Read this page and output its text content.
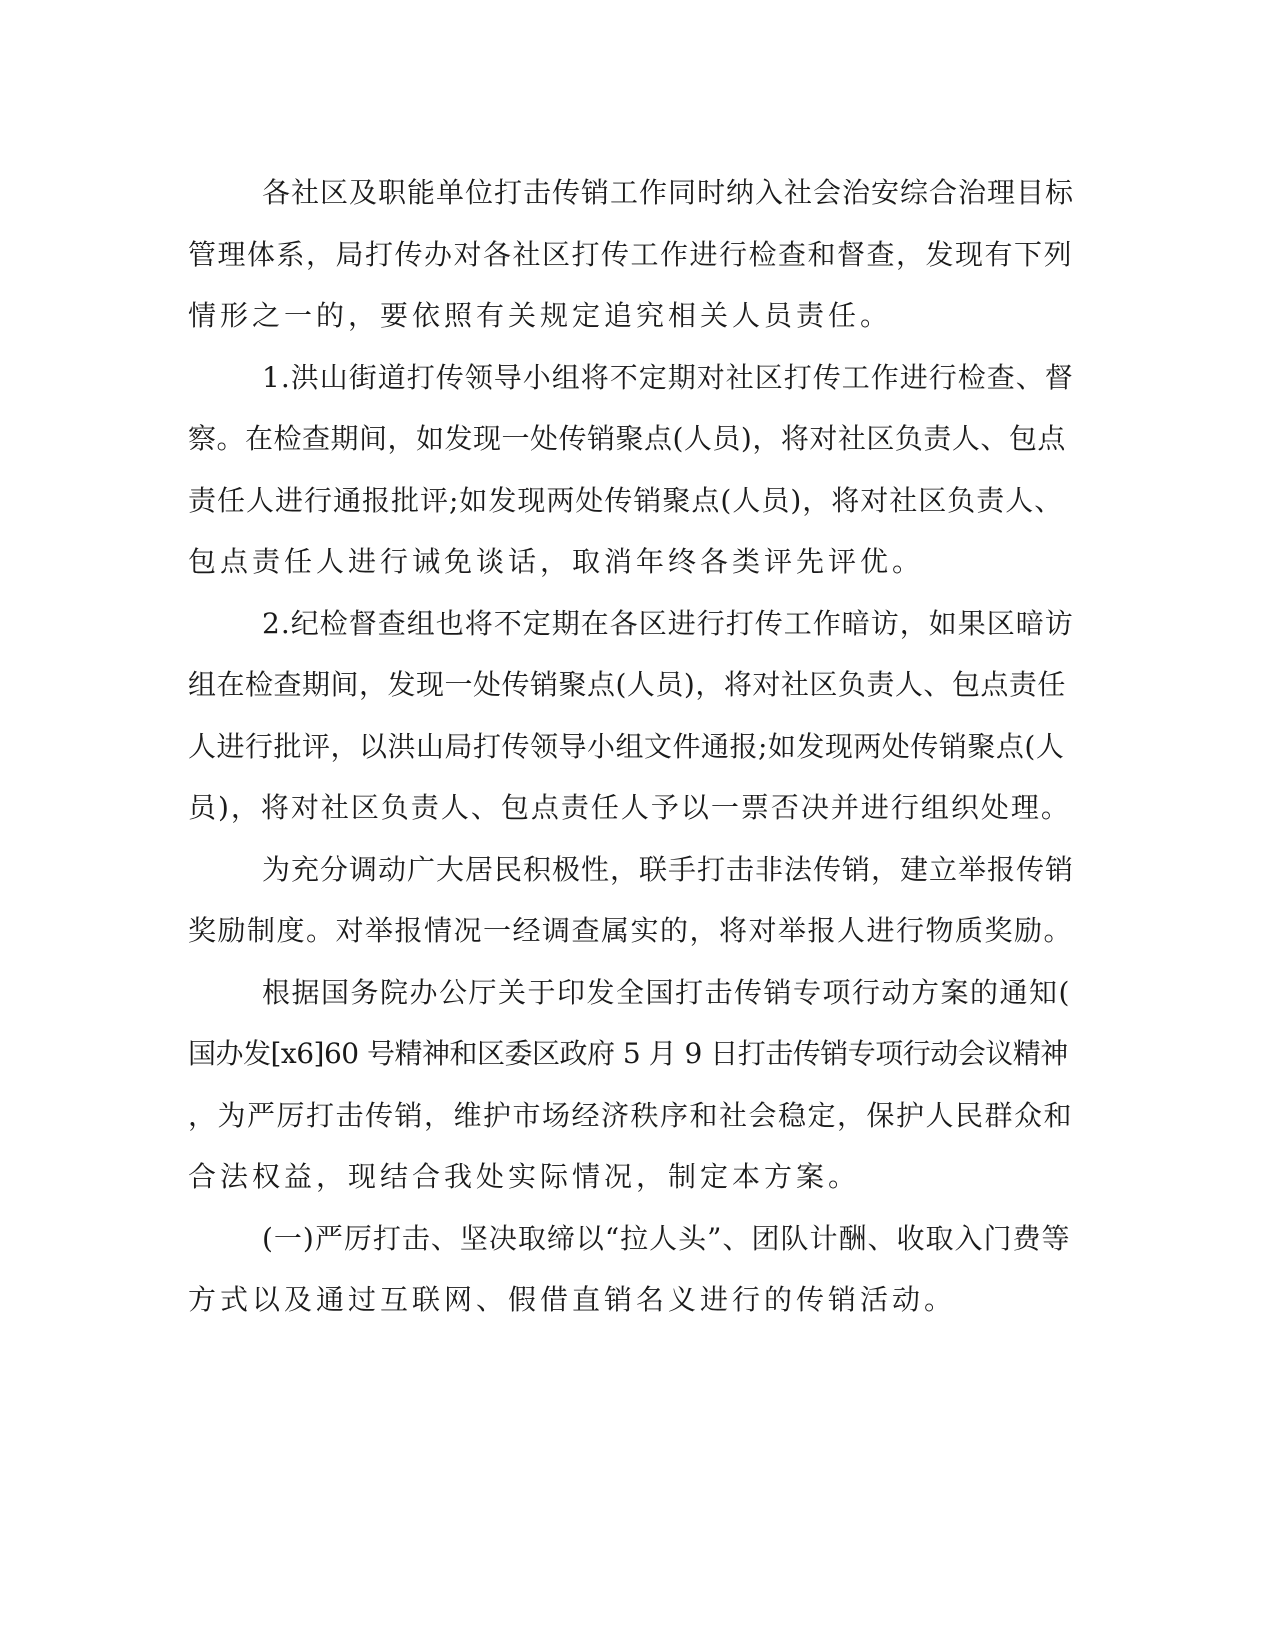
各社区及职能单位打击传销工作同时纳入社会治安综合治理目标
管理体系，局打传办对各社区打传工作进行检查和督查，发现有下列
情形之一的，要依照有关规定追究相关人员责任。

1.洪山街道打传领导小组将不定期对社区打传工作进行检查、督
察。在检查期间，如发现一处传销聚点(人员)，将对社区负责人、包点
责任人进行通报批评;如发现两处传销聚点(人员)，将对社区负责人、
包点责任人进行诫免谈话，取消年终各类评先评优。

2.纪检督查组也将不定期在各区进行打传工作暗访，如果区暗访
组在检查期间，发现一处传销聚点(人员)，将对社区负责人、包点责任
人进行批评，以洪山局打传领导小组文件通报;如发现两处传销聚点(人
员)，将对社区负责人、包点责任人予以一票否决并进行组织处理。

为充分调动广大居民积极性，联手打击非法传销，建立举报传销
奖励制度。对举报情况一经调查属实的，将对举报人进行物质奖励。

根据国务院办公厅关于印发全国打击传销专项行动方案的通知(
国办发[x6]60 号精神和区委区政府 5 月 9 日打击传销专项行动会议精神
，为严厉打击传销，维护市场经济秩序和社会稳定，保护人民群众和
合法权益，现结合我处实际情况，制定本方案。

(一)严厉打击、坚决取缔以“拉人头”、团队计酬、收取入门费等
方式以及通过互联网、假借直销名义进行的传销活动。
